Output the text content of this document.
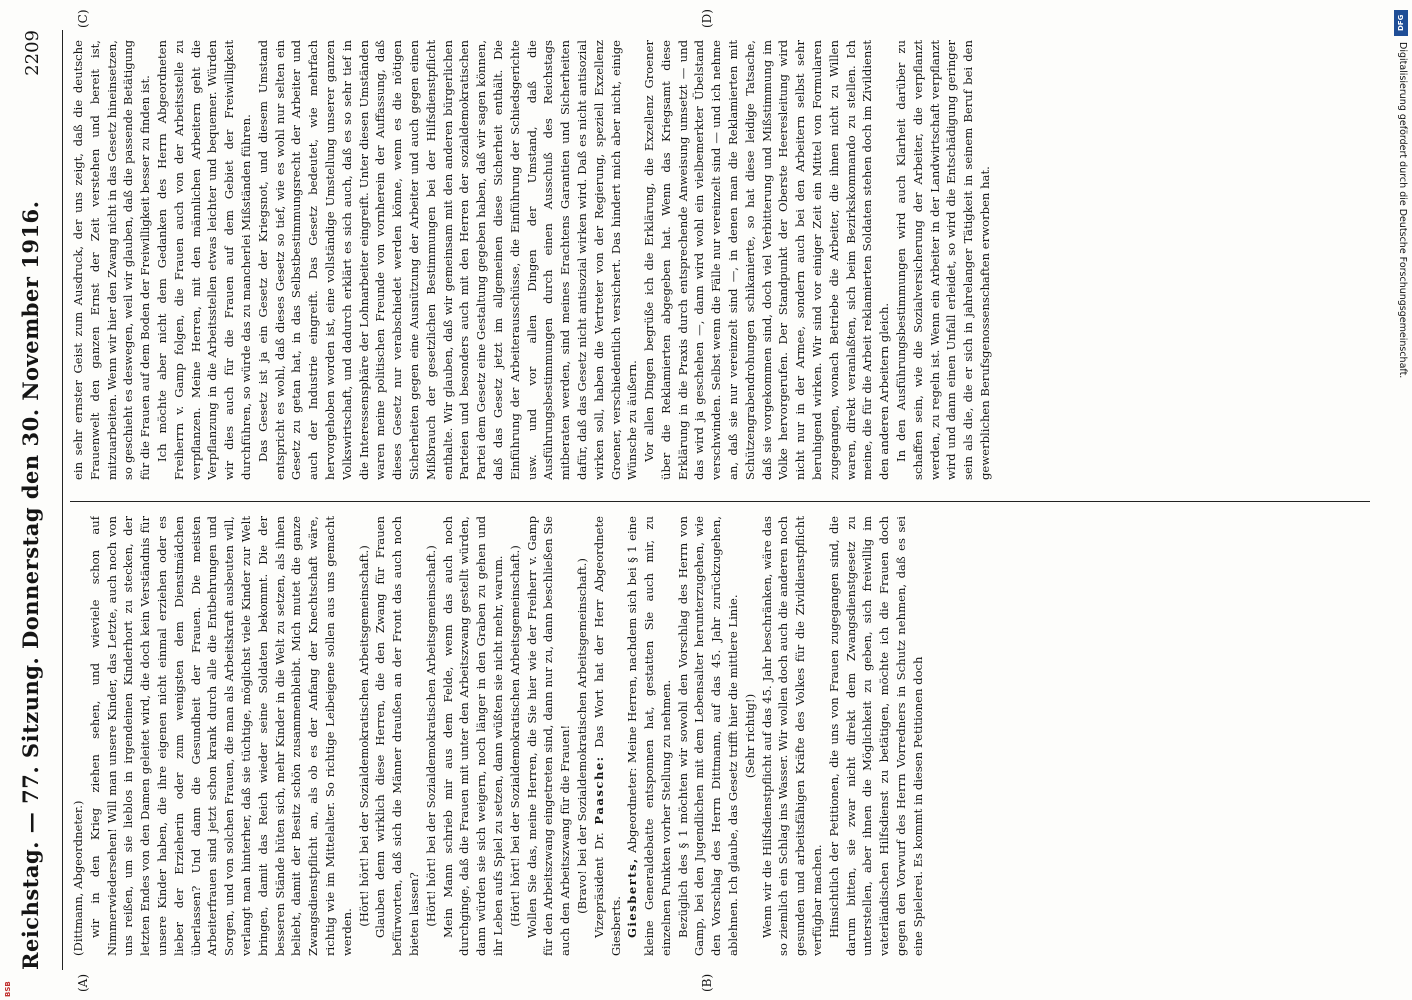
Reichstag. — 77. Sitzung. Donnerstag den 30. November 1916.
2209
(A)	(B)
(C)	(D)

(Dittmann, Abgeordneter.) wir in den Krieg ziehen sehen, und wieviele schon auf Nimmerwiedersehen! Will man unsere Kinder, das Letzte, auch noch von uns reißen, um sie lieblos in irgendeinen Kinderhort zu stecken, der letzten Endes von den Damen geleitet wird, die doch kein Verständnis für unsere Kinder haben, die ihre eigenen nicht einmal erziehen oder es lieber der Erzieherin oder zum wenigsten dem Dienstmädchen überlassen? Und dann die Gesundheit der Frauen. Die meisten Arbeiterfrauen sind jetzt schon krank durch alle die Entbehrungen und Sorgen, und von solchen Frauen, die man als Arbeitskraft ausbeuten will, verlangt man hinterher, daß sie tüchtige, möglichst viele Kinder zur Welt bringen, damit das Reich wieder seine Soldaten bekommt. Die der besseren Stände hüten sich, mehr Kinder in die Welt zu setzen, als ihnen beliebt, damit der Besitz schön zusammenbleibt. Mich mutet die ganze Zwangsdienstpflicht an, als ob es der Anfang der Knechtschaft wäre, richtig wie im Mittelalter. So richtige Leibeigene sollen aus uns gemacht werden.

(Hört! hört! bei der Sozialdemokratischen Arbeitsgemeinschaft.) Glauben denn wirklich diese Herren, die den Zwang für Frauen befürworten, daß sich die Männer draußen an der Front das auch noch bieten lassen? (Hört! hört! bei der Sozialdemokratischen Arbeitsgemeinschaft.) Mein Mann schrieb mir aus dem Felde, wenn das auch noch durchginge, daß die Frauen mit unter den Arbeitszwang gestellt würden, dann würden sie sich weigern, noch länger in den Graben zu gehen und ihr Leben aufs Spiel zu setzen, dann wüßten sie nicht mehr, warum. (Hört! hört! bei der Sozialdemokratischen Arbeitsgemeinschaft.) Wollen Sie das, meine Herren, die Sie hier wie der Freiherr v. Gamp für den Arbeitszwang eingetreten sind, dann nur zu, dann beschließen Sie auch den Arbeitszwang für die Frauen! (Bravo! bei der Sozialdemokratischen Arbeitsgemeinschaft.) Vizepräsident Dr. Paasche: Das Wort hat der Herr Abgeordnete Giesberts. Giesberts, Abgeordneter: Meine Herren, nachdem sich bei § 1 eine kleine Generaldebatte entsponnen hat, gestatten Sie auch mir, zu einzelnen Punkten vorher Stellung zu nehmen. Bezüglich des § 1 möchten wir sowohl den Vorschlag des Herrn von Gamp, bei den Jugendlichen mit dem Lebensalter herunterzugehen, wie den Vorschlag des Herrn Dittmann, auf das 45. Jahr zurückzugehen, ablehnen. Ich glaube, das Gesetz trifft hier die mittlere Linie. (Sehr richtig!) Wenn wir die Hilfsdienstpflicht auf das 45. Jahr beschränken, wäre das so ziemlich ein Schlag ins Wasser. Wir wollen doch auch die anderen noch gesunden und arbeitsfähigen Kräfte des Volkes für die Zivildienstpflicht verfügbar machen. Hinsichtlich der Petitionen, die uns von Frauen zugegangen sind, die darum bitten, sie zwar nicht direkt dem Zwangsdienstgesetz zu unterstellen, aber ihnen die Möglichkeit zu geben, sich freiwillig im vaterländischen Hilfsdienst zu betätigen, möchte ich die Frauen doch gegen den Vorwurf des Herrn Vorredners in Schutz nehmen, daß es sei eine Spielerei. Es kommt in diesen Petitionen doch

ein sehr ernster Geist zum Ausdruck, der uns zeigt, daß die deutsche Frauenwelt den ganzen Ernst der Zeit verstehen und bereit ist, mitzuarbeiten. Wenn wir hier den Zwang nicht in das Gesetz hineinsetzen, so geschieht es deswegen, weil wir glauben, daß die passende Betätigung für die Frauen auf dem Boden der Freiwilligkeit besser zu finden ist. Ich möchte aber nicht dem Gedanken des Herrn Abgeordneten Freiherrn v. Gamp folgen, die Frauen auch von der Arbeitsstelle zu verpflanzen. Meine Herren, mit den männlichen Arbeitern geht die Verpflanzung in die Arbeitsstellen etwas leichter und bequemer. Würden wir dies auch für die Frauen auf dem Gebiet der Freiwilligkeit durchführen, so würde das zu mancherlei Mißständen führen. Das Gesetz ist ja ein Gesetz der Kriegsnot, und diesem Umstand entspricht es wohl, daß dieses Gesetz so tief, wie es wohl nur selten ein Gesetz zu getan hat, in das Selbstbestimmungsrecht der Arbeiter und auch der Industrie eingreift. Das Gesetz bedeutet, wie mehrfach hervorgehoben worden ist, eine vollständige Umstellung unserer ganzen Volkswirtschaft, und dadurch erklärt es sich auch, daß es so sehr tief in die Interessensphäre der Lohnarbeiter eingreift. Unter diesen Umständen waren meine politischen Freunde von vornherein der Auffassung, daß dieses Gesetz nur verabschiedet werden könne, wenn es die nötigen Sicherheiten gegen eine Ausnützung der Arbeiter und auch gegen einen Mißbrauch der gesetzlichen Bestimmungen bei der Hilfsdienstpflicht enthalte. Wir glauben, daß wir gemeinsam mit den anderen bürgerlichen Parteien und besonders auch mit den Herren der sozialdemokratischen Partei dem Gesetz eine Gestaltung gegeben haben, daß wir sagen können, daß das Gesetz jetzt im allgemeinen diese Sicherheit enthält. Die Einführung der Arbeiterausschüsse, die Einführung der Schiedsgerichte usw. und vor allen Dingen der Umstand, daß die Ausführungsbestimmungen durch einen Ausschuß des Reichstags mitberaten werden, sind meines Erachtens Garantien und Sicherheiten dafür, daß das Gesetz nicht antisozial wirken wird. Daß es nicht antisozial wirken soll, haben die Vertreter von der Regierung, speziell Exzellenz Groener, verschiedentlich versichert. Das hindert mich aber nicht, einige Wünsche zu äußern. Vor allen Dingen begrüße ich die Erklärung, die Exzellenz Groener über die Reklamierten abgegeben hat. Wenn das Kriegsamt diese Erklärung in die Praxis durch entsprechende Anweisung umsetzt — und das wird ja geschehen —, dann wird wohl ein vielbemerkter Übelstand verschwinden. Selbst wenn die Fälle nur vereinzelt sind — und ich nehme an, daß sie nur vereinzelt sind —, in denen man die Reklamierten mit Schützengrabendrohungen schikanierte, so hat diese leidige Tatsache, daß sie vorgekommen sind, doch viel Verbitterung und Mißstimmung im Volke hervorgerufen. Der Standpunkt der Oberste Heeresleitung wird nicht nur in der Armee, sondern auch bei den Arbeitern selbst sehr beruhigend wirken. Wir sind vor einiger Zeit ein Mittel von Formularen zugegangen, wonach Betriebe die Arbeiter, die ihnen nicht zu Willen waren, direkt veranlaßten, sich beim Bezirkskommando zu stellen. Ich meine, die für die Arbeit reklamierten Soldaten stehen doch im Zivildienst den anderen Arbeitern gleich. In den Ausführungsbestimmungen wird auch Klarheit darüber zu schaffen sein, wie die Sozialversicherung der Arbeiter, die verpflanzt werden, zu regeln ist. Wenn ein Arbeiter in der Landwirtschaft verpflanzt wird und dann einen Unfall erleidet, so wird die Entschädigung geringer sein als die, die er sich in jahrelanger Tätigkeit in seinem Beruf bei den gewerblichen Berufsgenossenschaften erworben hat.

DFG
Digitalisierung gefördert durch die Deutsche Forschungsgemeinschaft.
BSB
